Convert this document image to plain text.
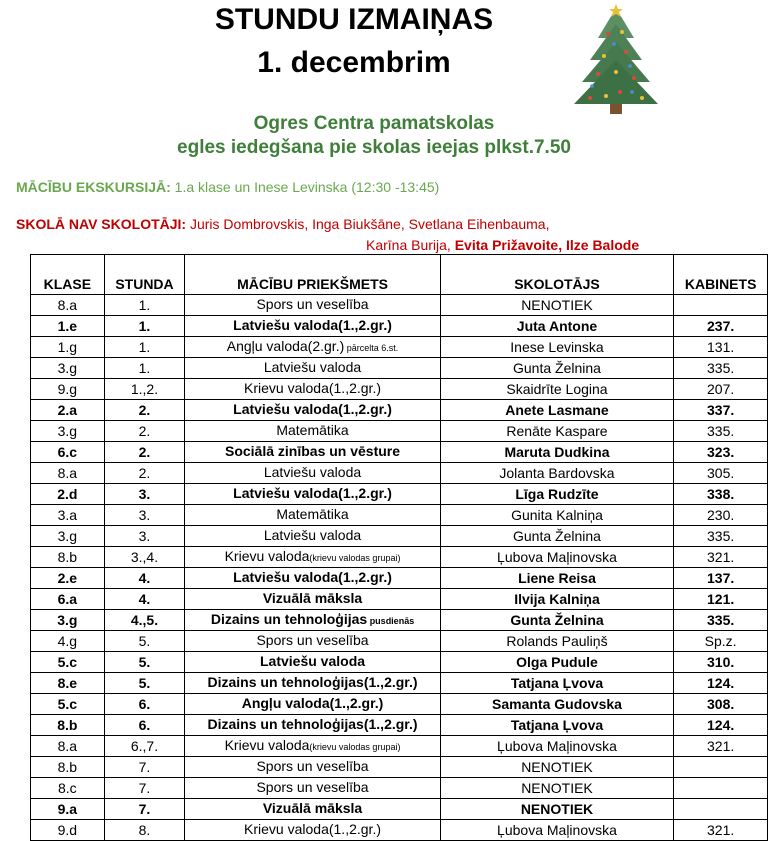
STUNDU IZMAIŅAS
1. decembrim
Ogres Centra pamatskolas
egles iedegšana pie skolas ieejas plkst.7.50
MĀCĪBU EKSKURSIJĀ: 1.a klase un Inese Levinska (12:30 -13:45)
SKOLĀ NAV SKOLOTĀJI: Juris Dombrovskis, Inga Biukšāne, Svetlana Eihenbauma,
Karīna Burija, Evita Prižavoite, Ilze Balode
KLASE	STUNDA	MĀCĪBU PRIEKŠMETS	SKOLOTĀJS	KABINETS
8.a	1.	Spors un veselība	NENOTIEK	
1.e	1.	Latviešu valoda(1.,2.gr.)	Juta Antone	237.
1.g	1.	Angļu valoda(2.gr.) pārcelta 6.st.	Inese Levinska	131.
3.g	1.	Latviešu valoda	Gunta Želnina	335.
9.g	1.,2.	Krievu valoda(1.,2.gr.)	Skaidrīte Logina	207.
2.a	2.	Latviešu valoda(1.,2.gr.)	Anete Lasmane	337.
3.g	2.	Matemātika	Renāte Kaspare	335.
6.c	2.	Sociālā zinības un vēsture	Maruta Dudkina	323.
8.a	2.	Latviešu valoda	Jolanta Bardovska	305.
2.d	3.	Latviešu valoda(1.,2.gr.)	Līga Rudzīte	338.
3.a	3.	Matemātika	Gunita Kalniņa	230.
3.g	3.	Latviešu valoda	Gunta Želnina	335.
8.b	3.,4.	Krievu valoda(krievu valodas grupai)	Ļubova Maļinovska	321.
2.e	4.	Latviešu valoda(1.,2.gr.)	Liene Reisa	137.
6.a	4.	Vizuālā māksla	Ilvija Kalniņa	121.
3.g	4.,5.	Dizains un tehnoloģijas pusdienās	Gunta Želnina	335.
4.g	5.	Spors un veselība	Rolands Pauliņš	Sp.z.
5.c	5.	Latviešu valoda	Olga Pudule	310.
8.e	5.	Dizains un tehnoloģijas(1.,2.gr.)	Tatjana Ļvova	124.
5.c	6.	Angļu valoda(1.,2.gr.)	Samanta Gudovska	308.
8.b	6.	Dizains un tehnoloģijas(1.,2.gr.)	Tatjana Ļvova	124.
8.a	6.,7.	Krievu valoda(krievu valodas grupai)	Ļubova Maļinovska	321.
8.b	7.	Spors un veselība	NENOTIEK	
8.c	7.	Spors un veselība	NENOTIEK	
9.a	7.	Vizuālā māksla	NENOTIEK	
9.d	8.	Krievu valoda(1.,2.gr.)	Ļubova Maļinovska	321.
